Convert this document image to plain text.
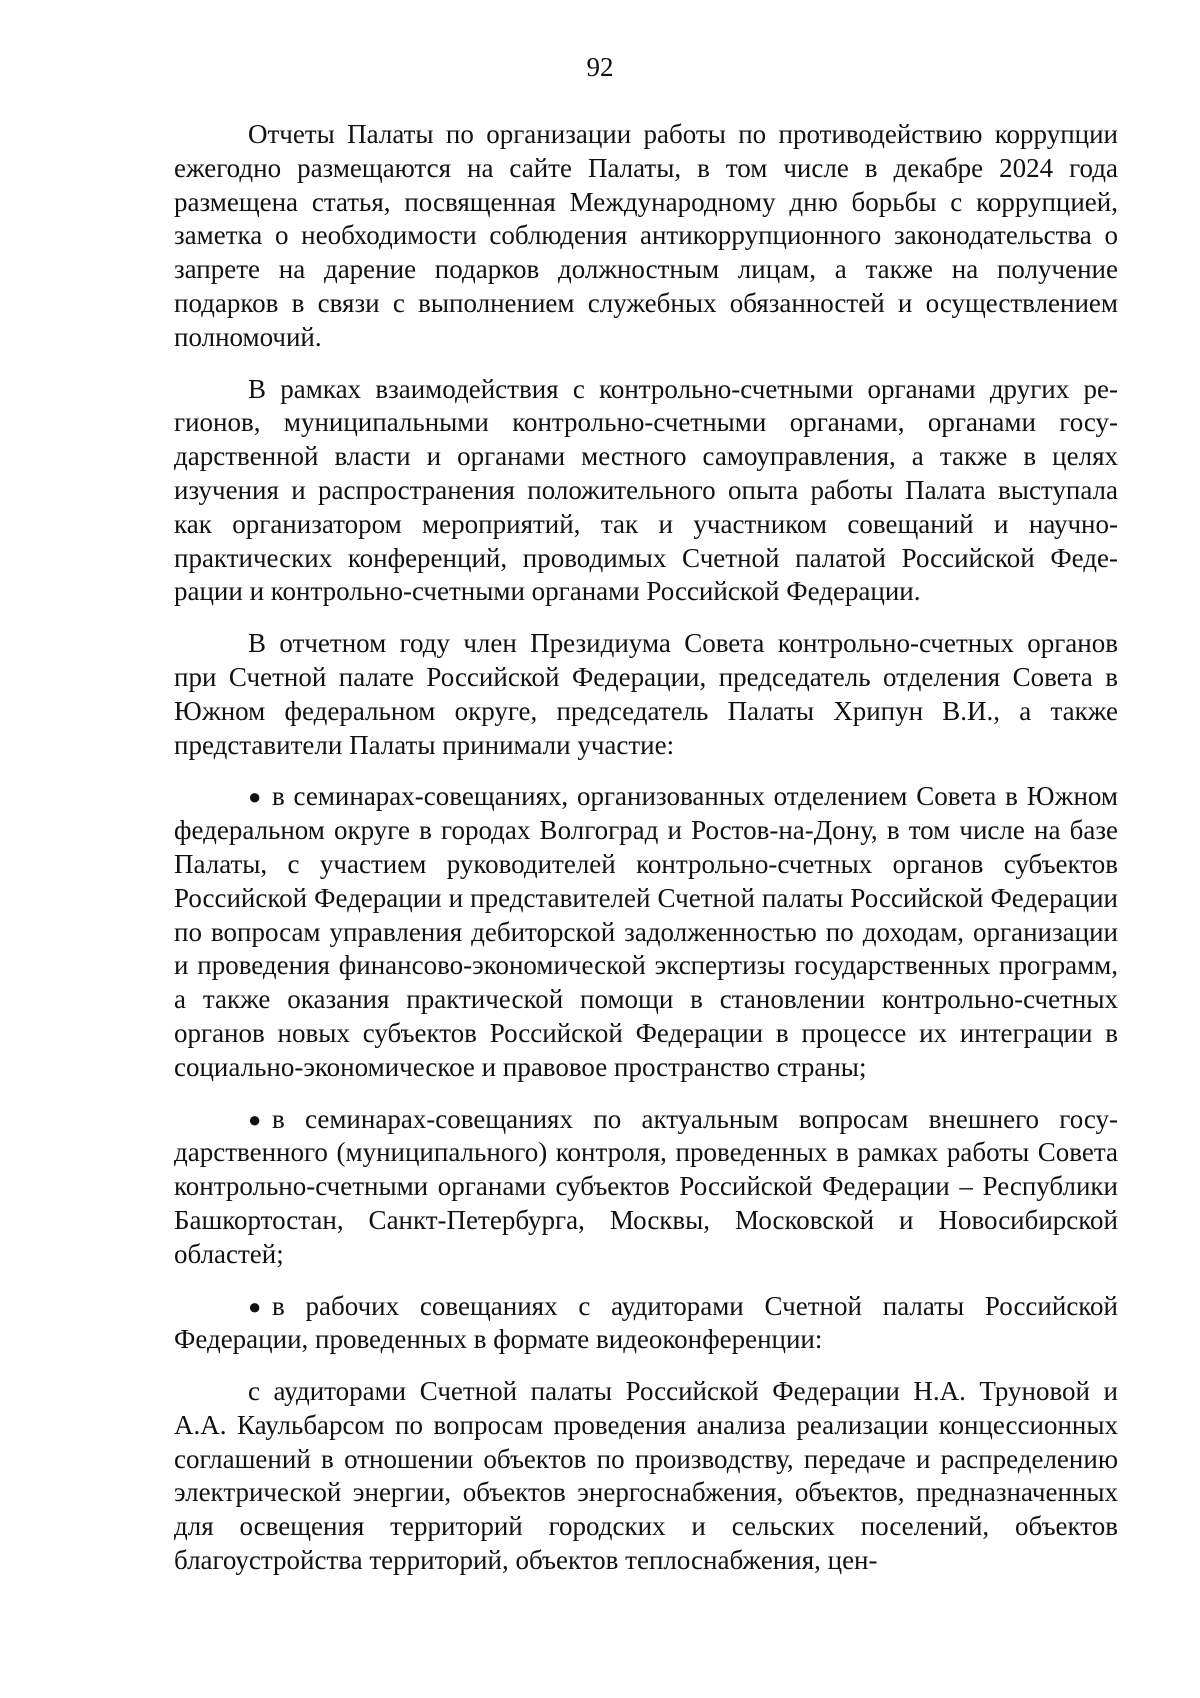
92

Отчеты Палаты по организации работы по противодействию коррупции ежегодно размещаются на сайте Палаты, в том числе в декабре 2024 года размещена статья, посвященная Международному дню борьбы с коррупцией, заметка о необходимости соблюдения антикоррупционного законодательства о запрете на дарение подарков должностным лицам, а также на получение подарков в связи с выполнением служебных обязанностей и осуществлением полномочий.

В рамках взаимодействия с контрольно-счетными органами других регионов, муниципальными контрольно-счетными органами, органами государственной власти и органами местного самоуправления, а также в целях изучения и распространения положительного опыта работы Палата выступала как организатором мероприятий, так и участником совещаний и научно-практических конференций, проводимых Счетной палатой Российской Федерации и контрольно-счетными органами Российской Федерации.

В отчетном году член Президиума Совета контрольно-счетных органов при Счетной палате Российской Федерации, председатель отделения Совета в Южном федеральном округе, председатель Палаты Хрипун В.И., а также представители Палаты принимали участие:

● в семинарах-совещаниях, организованных отделением Совета в Южном федеральном округе в городах Волгоград и Ростов-на-Дону, в том числе на базе Палаты, с участием руководителей контрольно-счетных органов субъектов Российской Федерации и представителей Счетной палаты Российской Федерации по вопросам управления дебиторской задолженностью по доходам, организации и проведения финансово-экономической экспертизы государственных программ, а также оказания практической помощи в становлении контрольно-счетных органов новых субъектов Российской Федерации в процессе их интеграции в социально-экономическое и правовое пространство страны;

● в семинарах-совещаниях по актуальным вопросам внешнего государственного (муниципального) контроля, проведенных в рамках работы Совета контрольно-счетными органами субъектов Российской Федерации – Республики Башкортостан, Санкт-Петербурга, Москвы, Московской и Новосибирской областей;

● в рабочих совещаниях с аудиторами Счетной палаты Российской Федерации, проведенных в формате видеоконференции:

с аудиторами Счетной палаты Российской Федерации Н.А. Труновой и А.А. Каульбарсом по вопросам проведения анализа реализации концессионных соглашений в отношении объектов по производству, передаче и распределению электрической энергии, объектов энергоснабжения, объектов, предназначенных для освещения территорий городских и сельских поселений, объектов благоустройства территорий, объектов теплоснабжения, цен-
